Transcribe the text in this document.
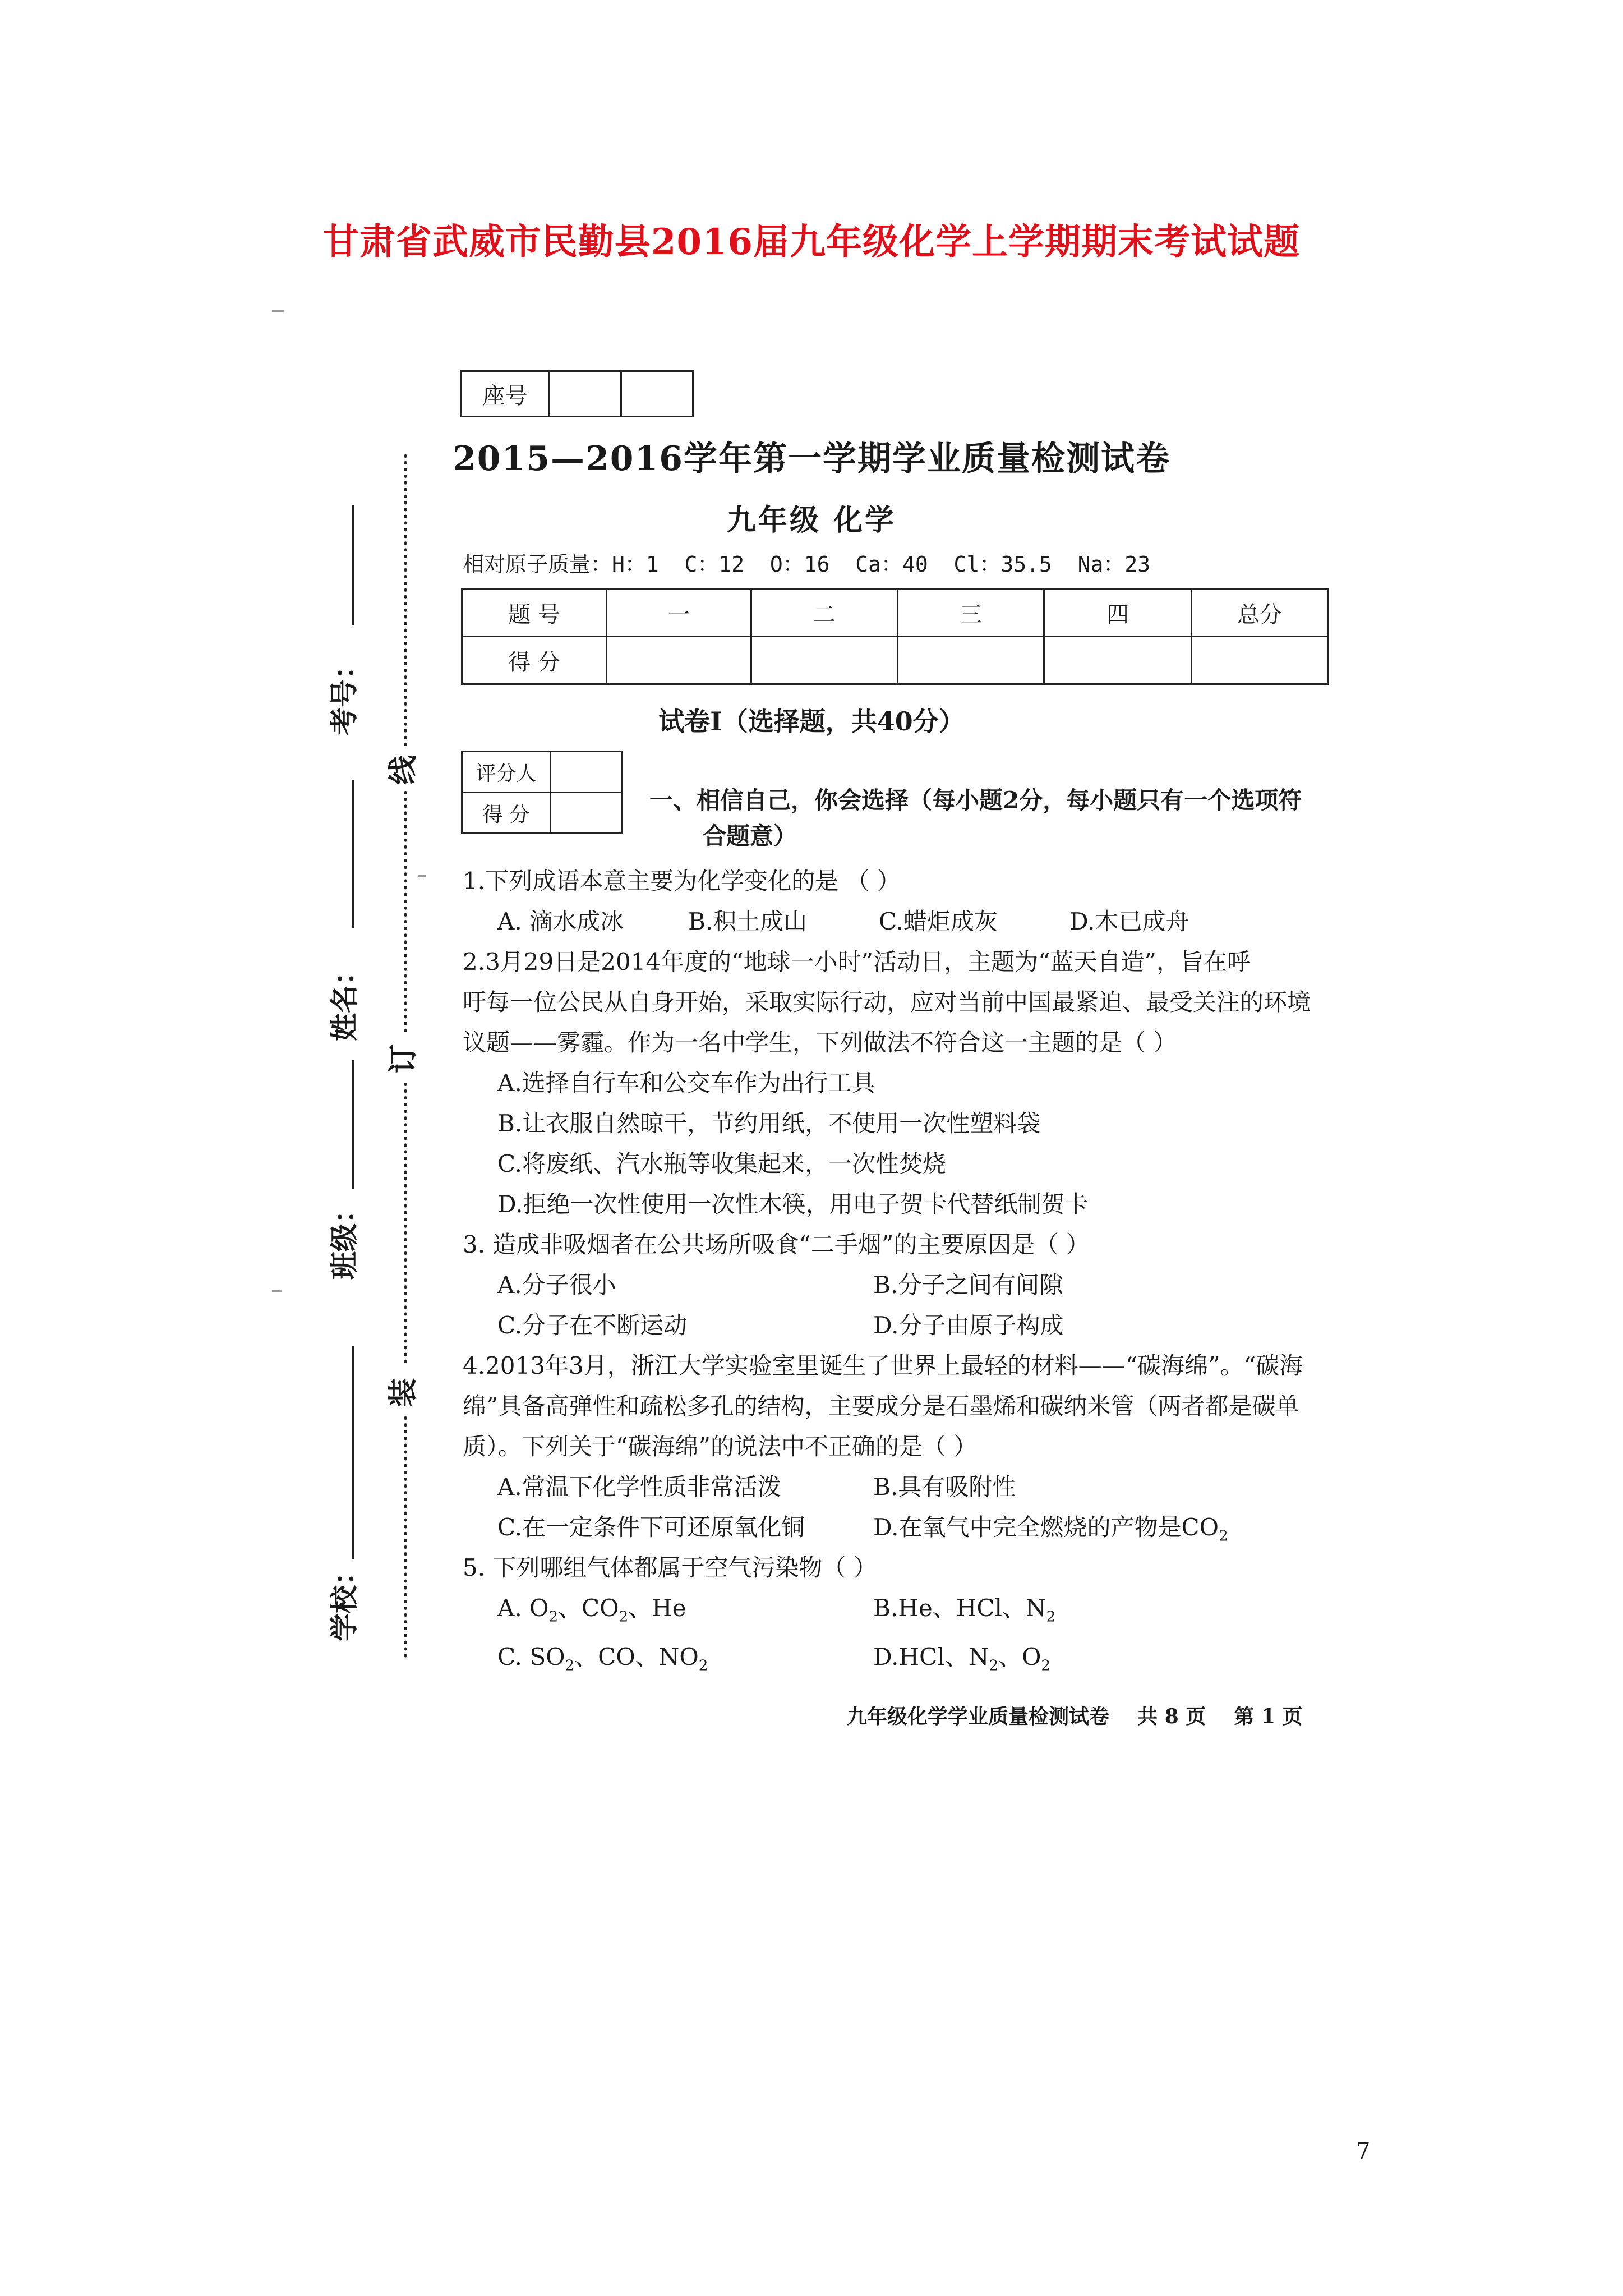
甘肃省武威市民勤县2016届九年级化学上学期期末考试试题
座号		
2015—2016学年第一学期学业质量检测试卷
九年级 化学
相对原子质量：H：1  C：12  O：16  Ca：40  Cl：35.5  Na：23
题 号	一	二	三	四	总分
得 分					
试卷Ⅰ（选择题，共40分）
评分人	
得 分	
一、相信自己，你会选择（每小题2分，每小题只有一个选项符
合题意）
1.下列成语本意主要为化学变化的是 （ ）
A. 滴水成冰	B.积土成山	C.蜡炬成灰	D.木已成舟
2.3月29日是2014年度的“地球一小时”活动日，主题为“蓝天自造”，旨在呼
吁每一位公民从自身开始，采取实际行动，应对当前中国最紧迫、最受关注的环境
议题——雾霾。作为一名中学生，下列做法不符合这一主题的是（ ）
A.选择自行车和公交车作为出行工具
B.让衣服自然晾干，节约用纸，不使用一次性塑料袋
C.将废纸、汽水瓶等收集起来，一次性焚烧
D.拒绝一次性使用一次性木筷，用电子贺卡代替纸制贺卡
3. 造成非吸烟者在公共场所吸食“二手烟”的主要原因是（ ）
A.分子很小	B.分子之间有间隙
C.分子在不断运动	D.分子由原子构成
4.2013年3月，浙江大学实验室里诞生了世界上最轻的材料——“碳海绵”。“碳海
绵”具备高弹性和疏松多孔的结构，主要成分是石墨烯和碳纳米管（两者都是碳单
质）。下列关于“碳海绵”的说法中不正确的是（ ）
A.常温下化学性质非常活泼	B.具有吸附性
C.在一定条件下可还原氧化铜	D.在氧气中完全燃烧的产物是$CO_2$
5. 下列哪组气体都属于空气污染物（ ）
A. $O_2$、$CO_2$、He	B.He、HCl、$N_2$
C. $SO_2$、CO、$NO_2$	D.HCl、$N_2$、$O_2$
九年级化学学业质量检测试卷 共 8 页 第 1 页
7
考号：
姓名：
班级：
学校：
线
订
装
